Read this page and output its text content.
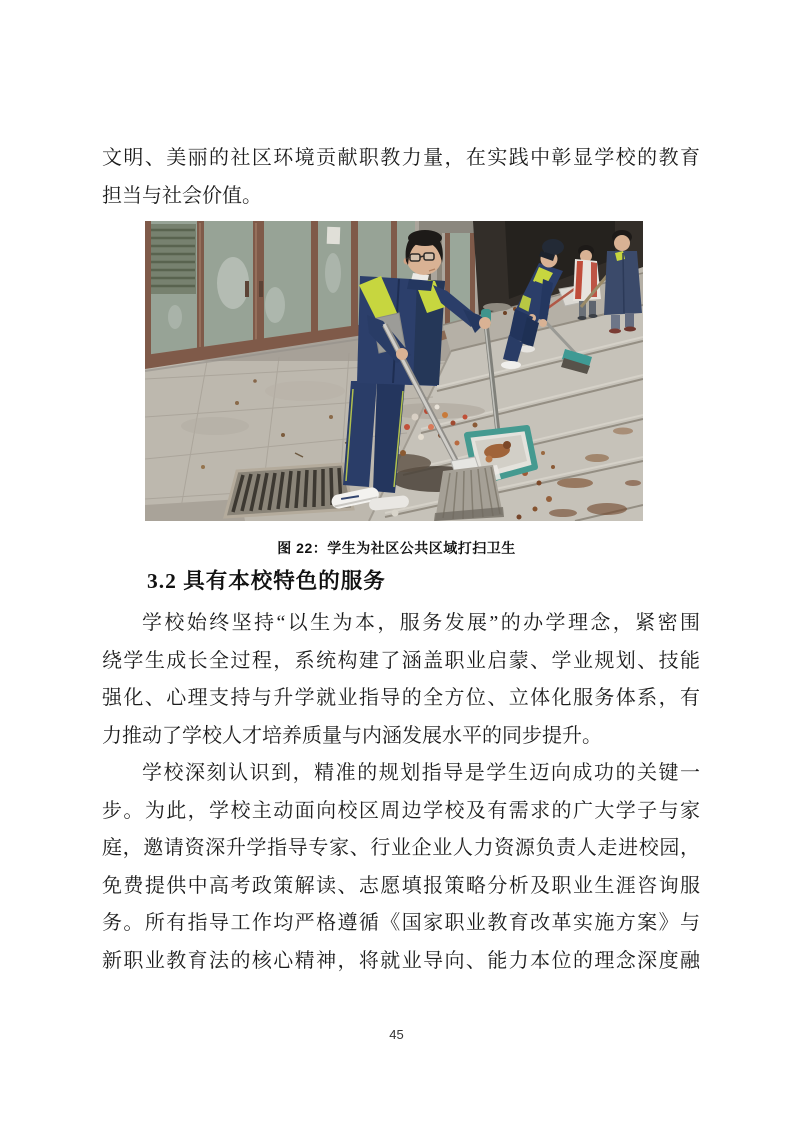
文明、美丽的社区环境贡献职教力量，在实践中彰显学校的教育
担当与社会价值。
图 22：学生为社区公共区域打扫卫生
3.2 具有本校特色的服务
学校始终坚持“以生为本，服务发展”的办学理念，紧密围
绕学生成长全过程，系统构建了涵盖职业启蒙、学业规划、技能
强化、心理支持与升学就业指导的全方位、立体化服务体系，有
力推动了学校人才培养质量与内涵发展水平的同步提升。
学校深刻认识到，精准的规划指导是学生迈向成功的关键一
步。为此，学校主动面向校区周边学校及有需求的广大学子与家
庭，邀请资深升学指导专家、行业企业人力资源负责人走进校园，
免费提供中高考政策解读、志愿填报策略分析及职业生涯咨询服
务。所有指导工作均严格遵循《国家职业教育改革实施方案》与
新职业教育法的核心精神，将就业导向、能力本位的理念深度融
45
